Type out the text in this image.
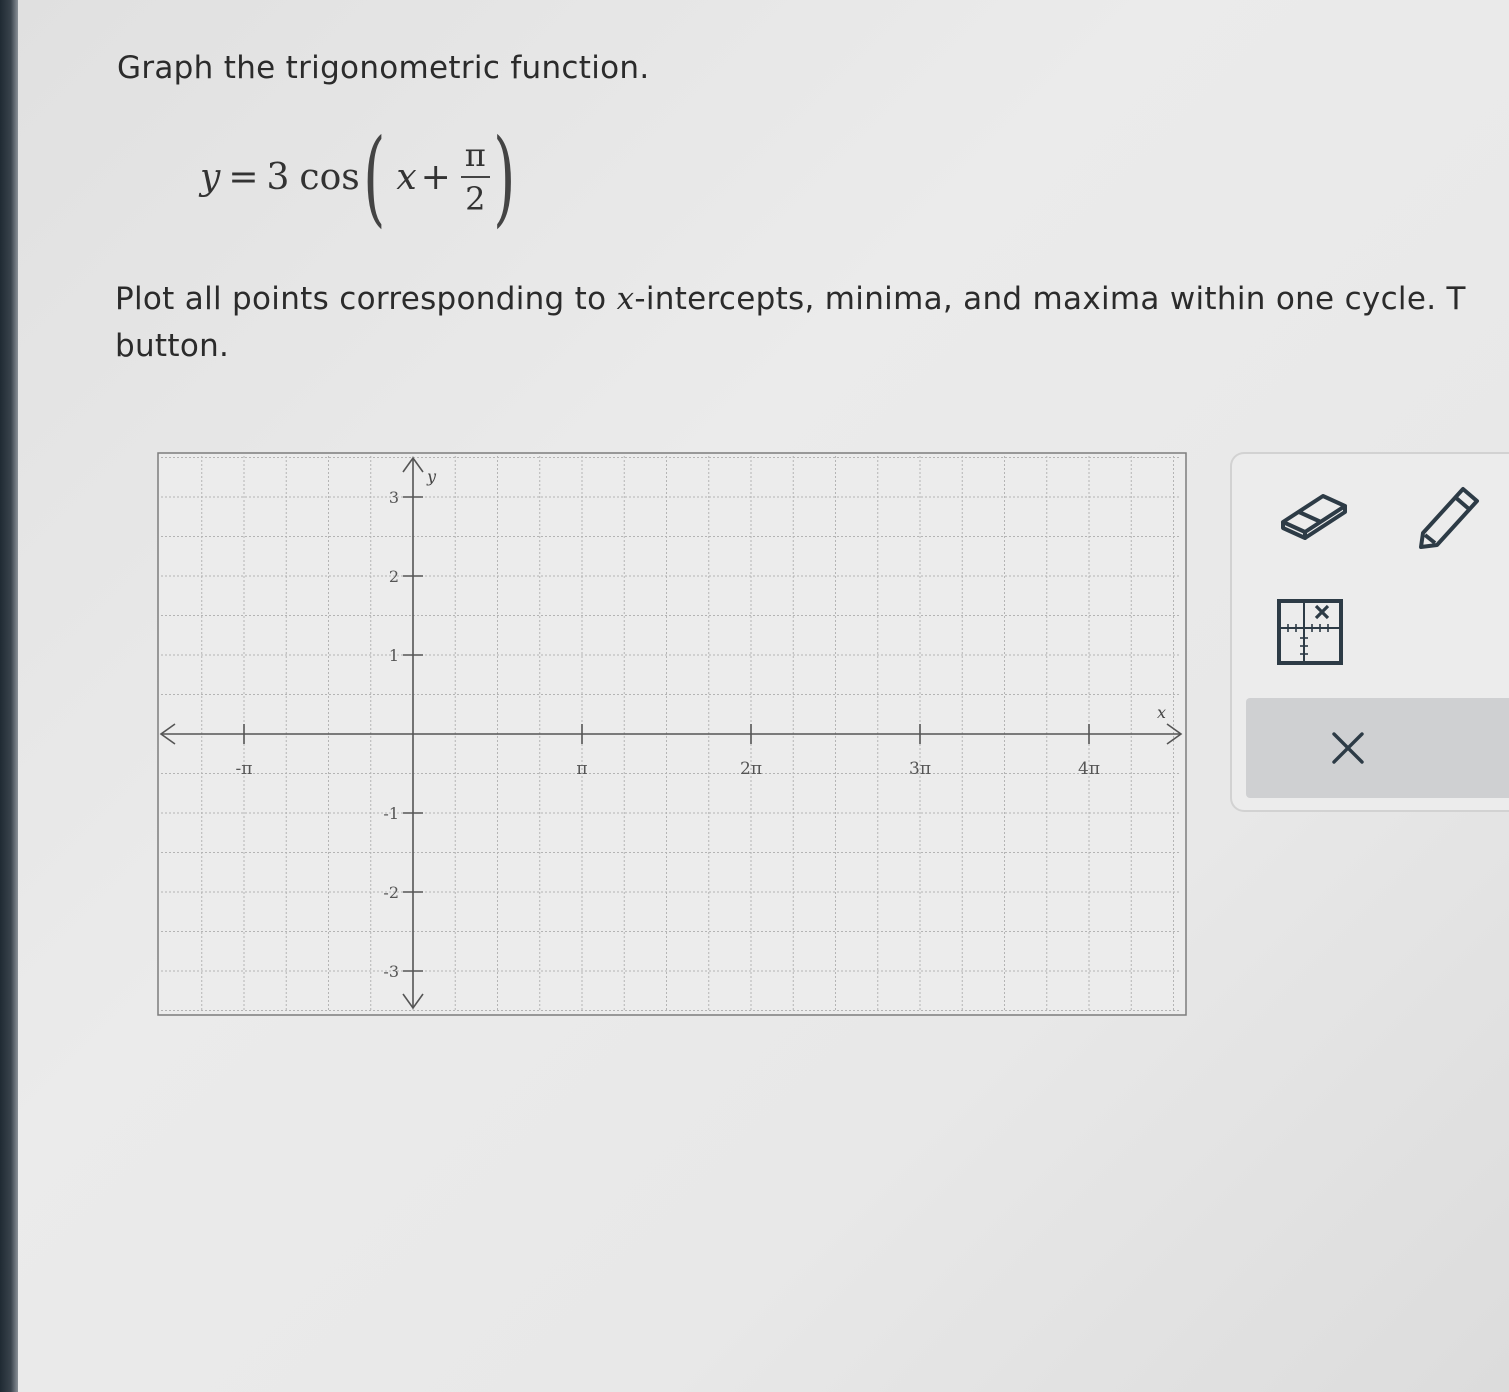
Graph the trigonometric function.
y = 3 cos ( $x + \frac{\pi}{2}$ )
Plot all points corresponding to x-intercepts, minima, and maxima within one cycle. T
button.
x
y
-π	π	2π	3π	4π
3
2
1
-1
-2
-3
